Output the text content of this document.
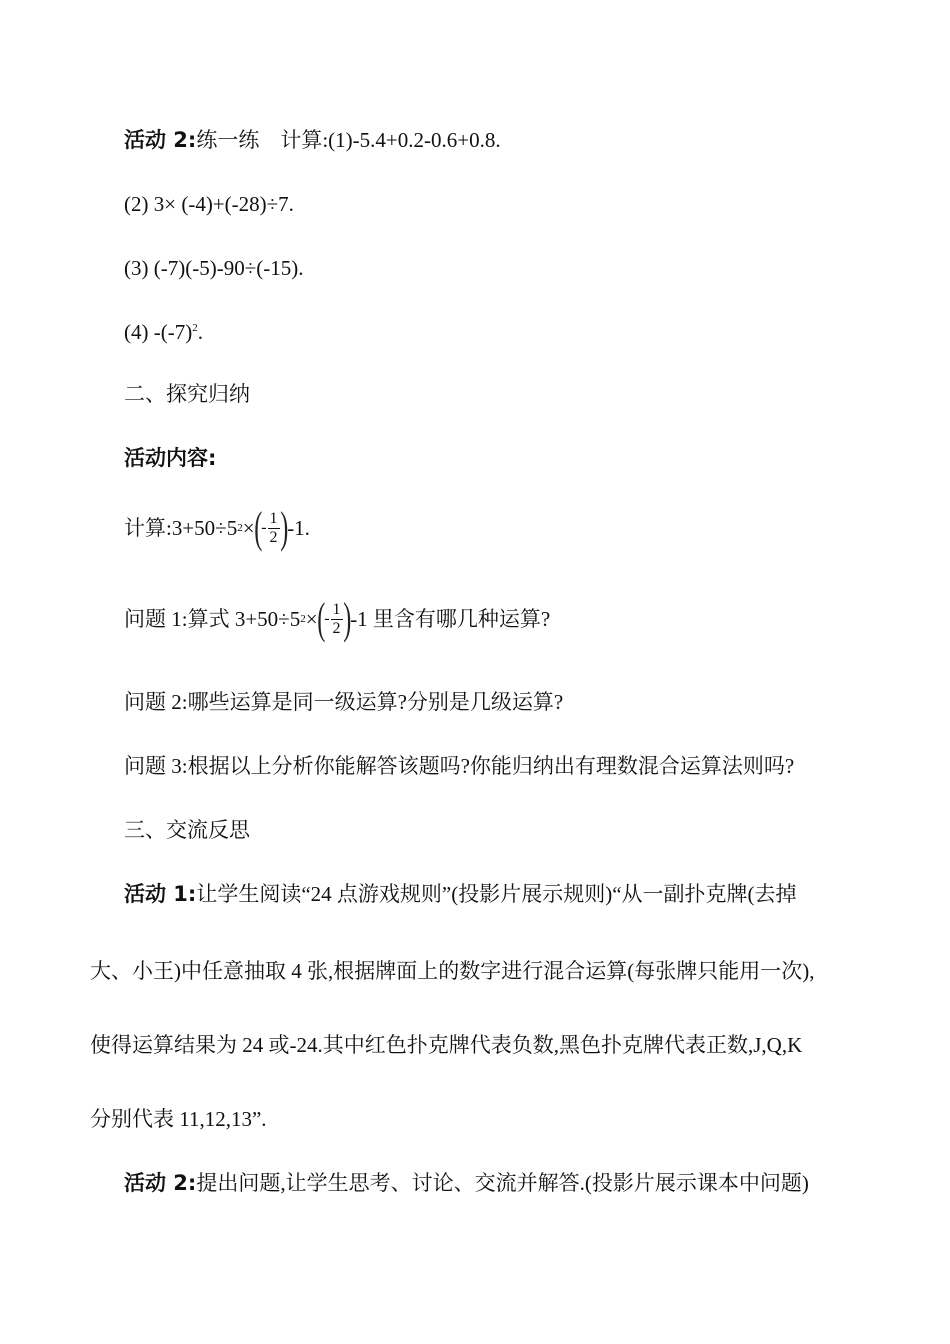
活动 2:练一练　计算:(1)-5.4+0.2-0.6+0.8.
(2) 3× (-4)+(-28)÷7.
(3) (-7)(-5)-90÷(-15).
(4) $-(-7)^2$.
二、探究归纳
活动内容:
计算:3+50÷5 2 × ( - $\frac{1}{2}$ ) -1.
问题 1:算式 3+50÷5 2 × ( - $\frac{1}{2}$ ) -1 里含有哪几种运算?
问题 2:哪些运算是同一级运算?分别是几级运算?
问题 3:根据以上分析你能解答该题吗?你能归纳出有理数混合运算法则吗?
三、交流反思
活动 1:让学生阅读“24 点游戏规则”(投影片展示规则)“从一副扑克牌(去掉
大、小王)中任意抽取 4 张,根据牌面上的数字进行混合运算(每张牌只能用一次),
使得运算结果为 24 或-24.其中红色扑克牌代表负数,黑色扑克牌代表正数,J,Q,K
分别代表 11,12,13”.
活动 2:提出问题,让学生思考、讨论、交流并解答.(投影片展示课本中问题)
